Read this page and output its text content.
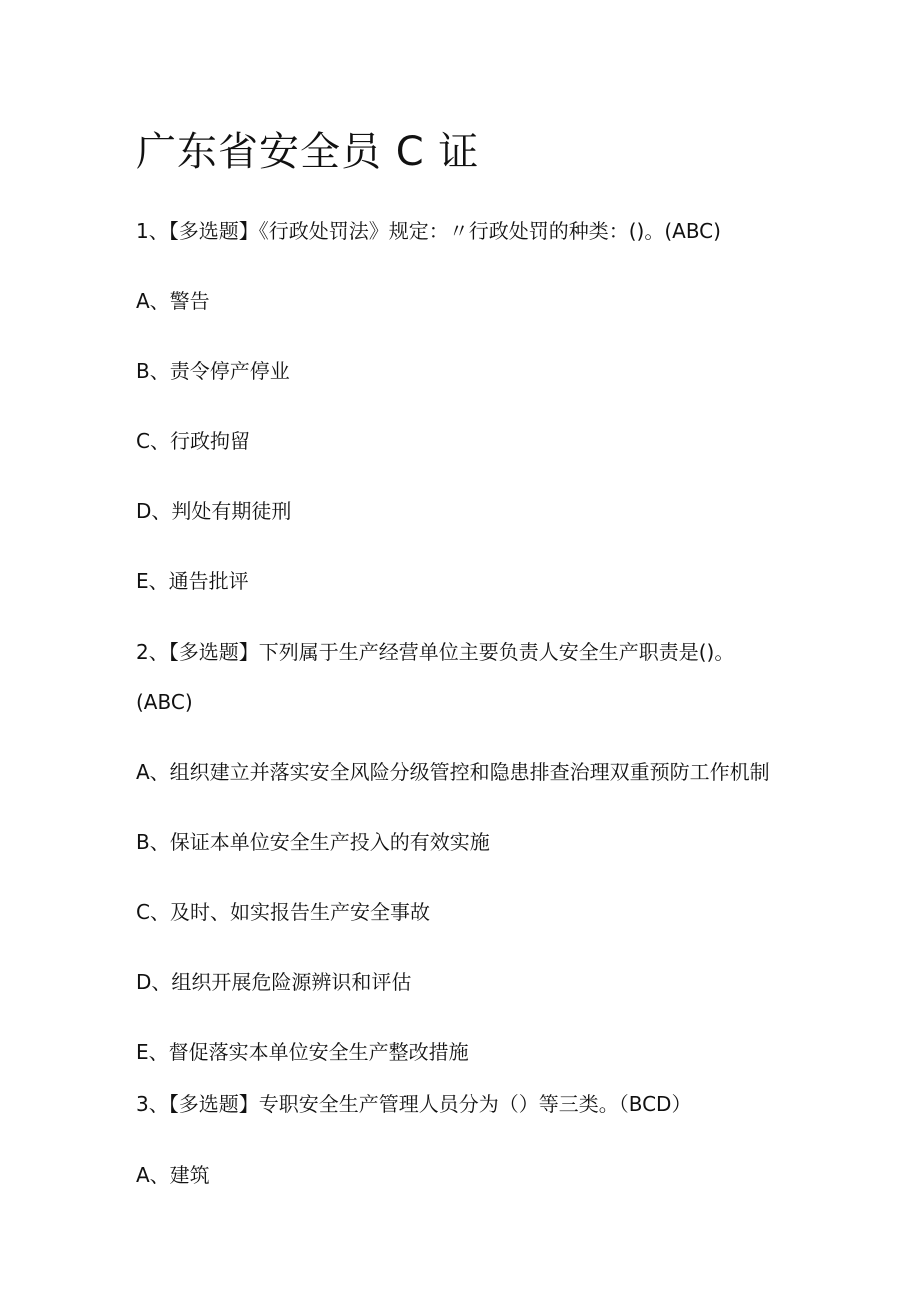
广东省安全员 C 证
1、【多选题】《行政处罚法》规定：〃行政处罚的种类：()。(ABC)
A、警告
B、责令停产停业
C、行政拘留
D、判处有期徒刑
E、通告批评
2、【多选题】下列属于生产经营单位主要负责人安全生产职责是()。
(ABC)
A、组织建立并落实安全风险分级管控和隐患排查治理双重预防工作机制
B、保证本单位安全生产投入的有效实施
C、及时、如实报告生产安全事故
D、组织开展危险源辨识和评估
E、督促落实本单位安全生产整改措施
3、【多选题】专职安全生产管理人员分为（）等三类。（BCD）
A、建筑
